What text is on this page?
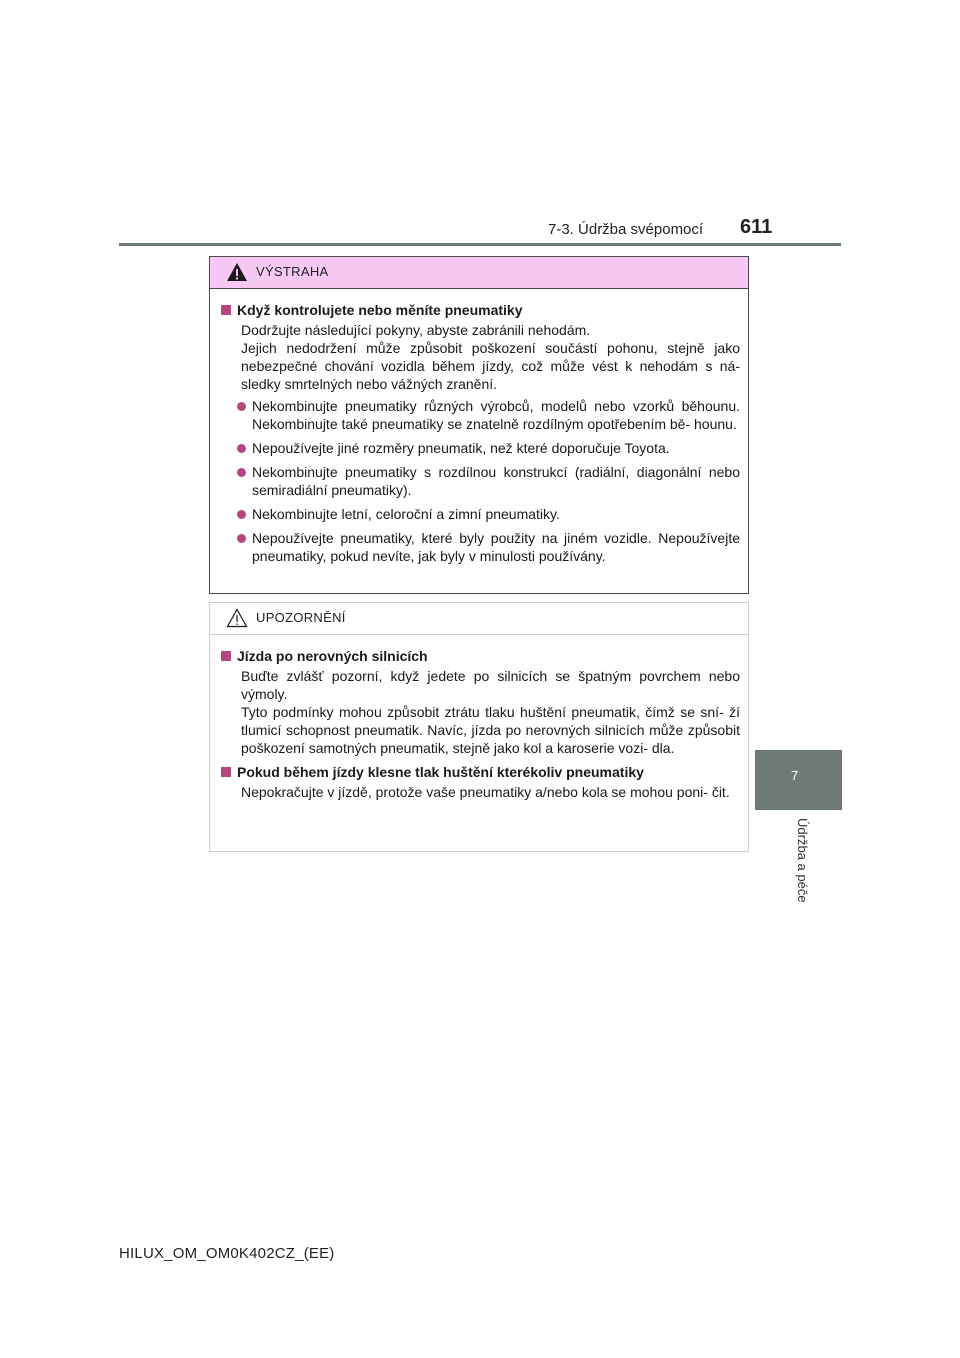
7-3. Údržba svépomocí 611
7
Údržba a péče
VÝSTRAHA
Když kontrolujete nebo měníte pneumatiky
Dodržujte následující pokyny, abyste zabránili nehodám.
Jejich nedodržení může způsobit poškození součástí pohonu, stejně jako nebezpečné chování vozidla během jízdy, což může vést k nehodám s ná- sledky smrtelných nebo vážných zranění.
Nekombinujte pneumatiky různých výrobců, modelů nebo vzorků běhounu. Nekombinujte také pneumatiky se znatelně rozdílným opotřebením bě- hounu.
Nepoužívejte jiné rozměry pneumatik, než které doporučuje Toyota.
Nekombinujte pneumatiky s rozdílnou konstrukcí (radiální, diagonální nebo semiradiální pneumatiky).
Nekombinujte letní, celoroční a zimní pneumatiky.
Nepoužívejte pneumatiky, které byly použity na jiném vozidle. Nepoužívejte pneumatiky, pokud nevíte, jak byly v minulosti používány.
UPOZORNĚNÍ
Jízda po nerovných silnicích
Buďte zvlášť pozorní, když jedete po silnicích se špatným povrchem nebo výmoly.
Tyto podmínky mohou způsobit ztrátu tlaku huštění pneumatik, čímž se sní- ží tlumicí schopnost pneumatik. Navíc, jízda po nerovných silnicích může způsobit poškození samotných pneumatik, stejně jako kol a karoserie vozi- dla.
Pokud během jízdy klesne tlak huštění kterékoliv pneumatiky
Nepokračujte v jízdě, protože vaše pneumatiky a/nebo kola se mohou poni- čit.
HILUX_OM_OM0K402CZ_(EE)
